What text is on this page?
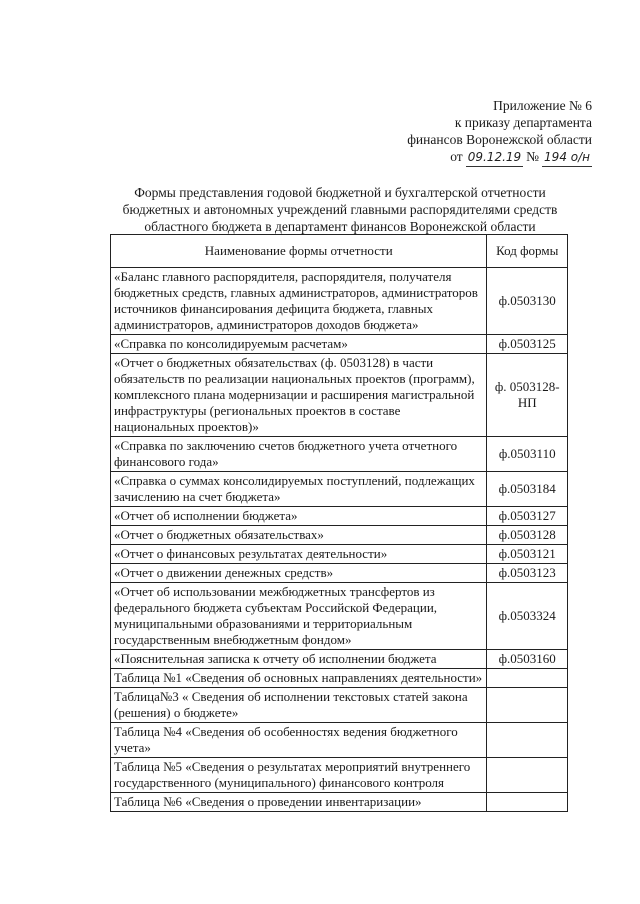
Приложение № 6
к приказу департамента
финансов Воронежской области
от 09.12.19 № 194 о/н
Формы представления годовой бюджетной и бухгалтерской отчетности
бюджетных и автономных учреждений главными распорядителями средств
областного бюджета в департамент финансов Воронежской области
Наименование формы отчетности	Код формы
«Баланс главного распорядителя, распорядителя, получателя бюджетных средств, главных администраторов, администраторов источников финансирования дефицита бюджета, главных администраторов, администраторов доходов бюджета»	ф.0503130
«Справка по консолидируемым расчетам»	ф.0503125
«Отчет о бюджетных обязательствах (ф. 0503128) в части обязательств по реализации национальных проектов (программ), комплексного плана модернизации и расширения магистральной инфраструктуры (региональных проектов в составе национальных проектов)»	ф. 0503128-НП
«Справка по заключению счетов бюджетного учета отчетного финансового года»	ф.0503110
«Справка о суммах консолидируемых поступлений, подлежащих зачислению на счет бюджета»	ф.0503184
«Отчет об исполнении бюджета»	ф.0503127
«Отчет о бюджетных обязательствах»	ф.0503128
«Отчет о финансовых результатах деятельности»	ф.0503121
«Отчет о движении денежных средств»	ф.0503123
«Отчет об использовании межбюджетных трансфертов из федерального бюджета субъектам Российской Федерации, муниципальными образованиями и территориальным государственным внебюджетным фондом»	ф.0503324
«Пояснительная записка к отчету об исполнении бюджета	ф.0503160
Таблица №1 «Сведения об основных направлениях деятельности»	
Таблица№3 « Сведения об исполнении текстовых статей закона (решения) о бюджете»	
Таблица №4 «Сведения об особенностях ведения бюджетного учета»	
Таблица №5 «Сведения о результатах мероприятий внутреннего государственного (муниципального) финансового контроля	
Таблица №6 «Сведения о проведении инвентаризации»	
